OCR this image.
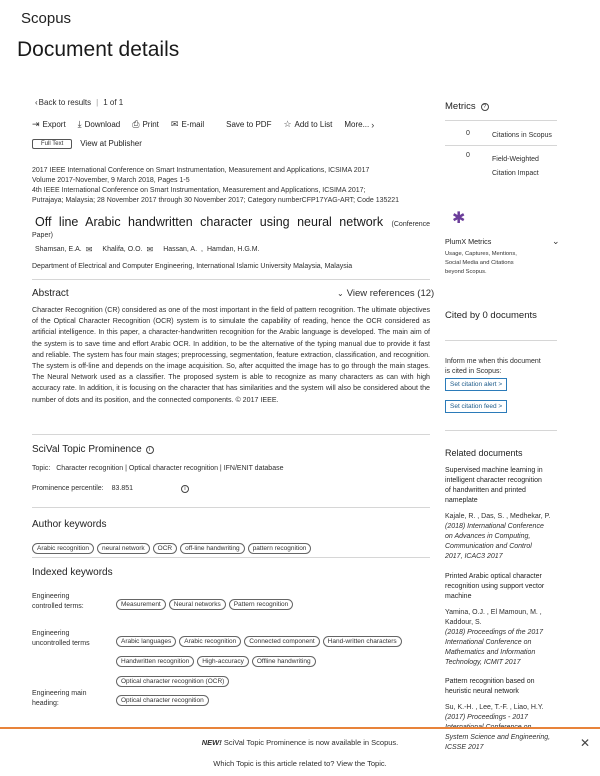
Scopus
Document details
‹ Back to results | 1 of 1
⇥ Export ⤓ Download ⎙ Print ✉ E-mail	Save to PDF ☆ Add to List More... ›
Full Text	View at Publisher
2017 IEEE International Conference on Smart Instrumentation, Measurement and Applications, ICSIMA 2017
Volume 2017-November, 9 March 2018, Pages 1-5
4th IEEE International Conference on Smart Instrumentation, Measurement and Applications, ICSIMA 2017;
Putrajaya; Malaysia; 28 November 2017 through 30 November 2017; Category numberCFP17YAG-ART; Code 135221
Off line Arabic handwritten character using neural network (Conference
Paper)
Shamsan, E.A. ✉ Khalifa, O.O. ✉ Hassan, A. , Hamdan, H.G.M.
Department of Electrical and Computer Engineering, International Islamic University Malaysia, Malaysia
Abstract	⌄ View references (12)
Character Recognition (CR) considered as one of the most important in the field of pattern recognition. The ultimate objectives of the Optical Character Recognition (OCR) system is to simulate the capability of reading, hence the OCR considered as artificial intelligence. In this paper, a character-handwritten recognition for the Arabic language is developed. The main aim of the system is to save time and effort Arabic OCR. In addition, to be the alternative of the typing manual due to provide it fast and reliable. The system has four main stages; preprocessing, segmentation, feature extraction, classification, and recognition. The system is off-line and depends on the image acquisition. So, after acquitted the image has to go through the main stages. The Neural Network used as a classifier. The proposed system is able to recognize as many characters as can with high accuracy rate. In addition, it is focusing on the character that has similarities and the system will also be considered about the number of dots and its position, and the connected components. © 2017 IEEE.
SciVal Topic Prominence	i
Topic: Character recognition | Optical character recognition | IFN/ENIT database
Prominence percentile: 83.851	i
Author keywords
Arabic recognition neural network OCR off-line handwriting pattern recognition
Indexed keywords
Engineering
controlled terms:	Measurement Neural networks Pattern recognition
Engineering
uncontrolled terms	Arabic languages Arabic recognition Connected component Hand-written charactersHandwritten recognition High-accuracy Offline handwritingOptical character recognition (OCR)
Engineering main
heading:	Optical character recognition
Metrics	?
0	Citations in Scopus
0
Field-Weighted
Citation Impact
✱
PlumX Metrics	⌄
Usage, Captures, Mentions,
Social Media and Citations
beyond Scopus.
Cited by 0 documents
Inform me when this document
is cited in Scopus:
Set citation alert >
Set citation feed >
Related documents
Supervised machine learning in
intelligent character recognition
of handwritten and printed
nameplate
Kajale, R. , Das, S. , Medhekar, P.
(2018) International Conference
on Advances in Computing,
Communication and Control
2017, ICAC3 2017
Printed Arabic optical character
recognition using support vector
machine
Yamina, O.J. , El Mamoun, M. ,
Kaddour, S.
(2018) Proceedings of the 2017
International Conference on
Mathematics and Information
Technology, ICMIT 2017
Pattern recognition based on
heuristic neural network
Su, K.-H. , Lee, T.-F. , Liao, H.Y.
(2017) Proceedings - 2017
International Conference on
System Science and Engineering,
ICSSE 2017
NEW! SciVal Topic Prominence is now available in Scopus.
Which Topic is this article related to? View the Topic.
✕
